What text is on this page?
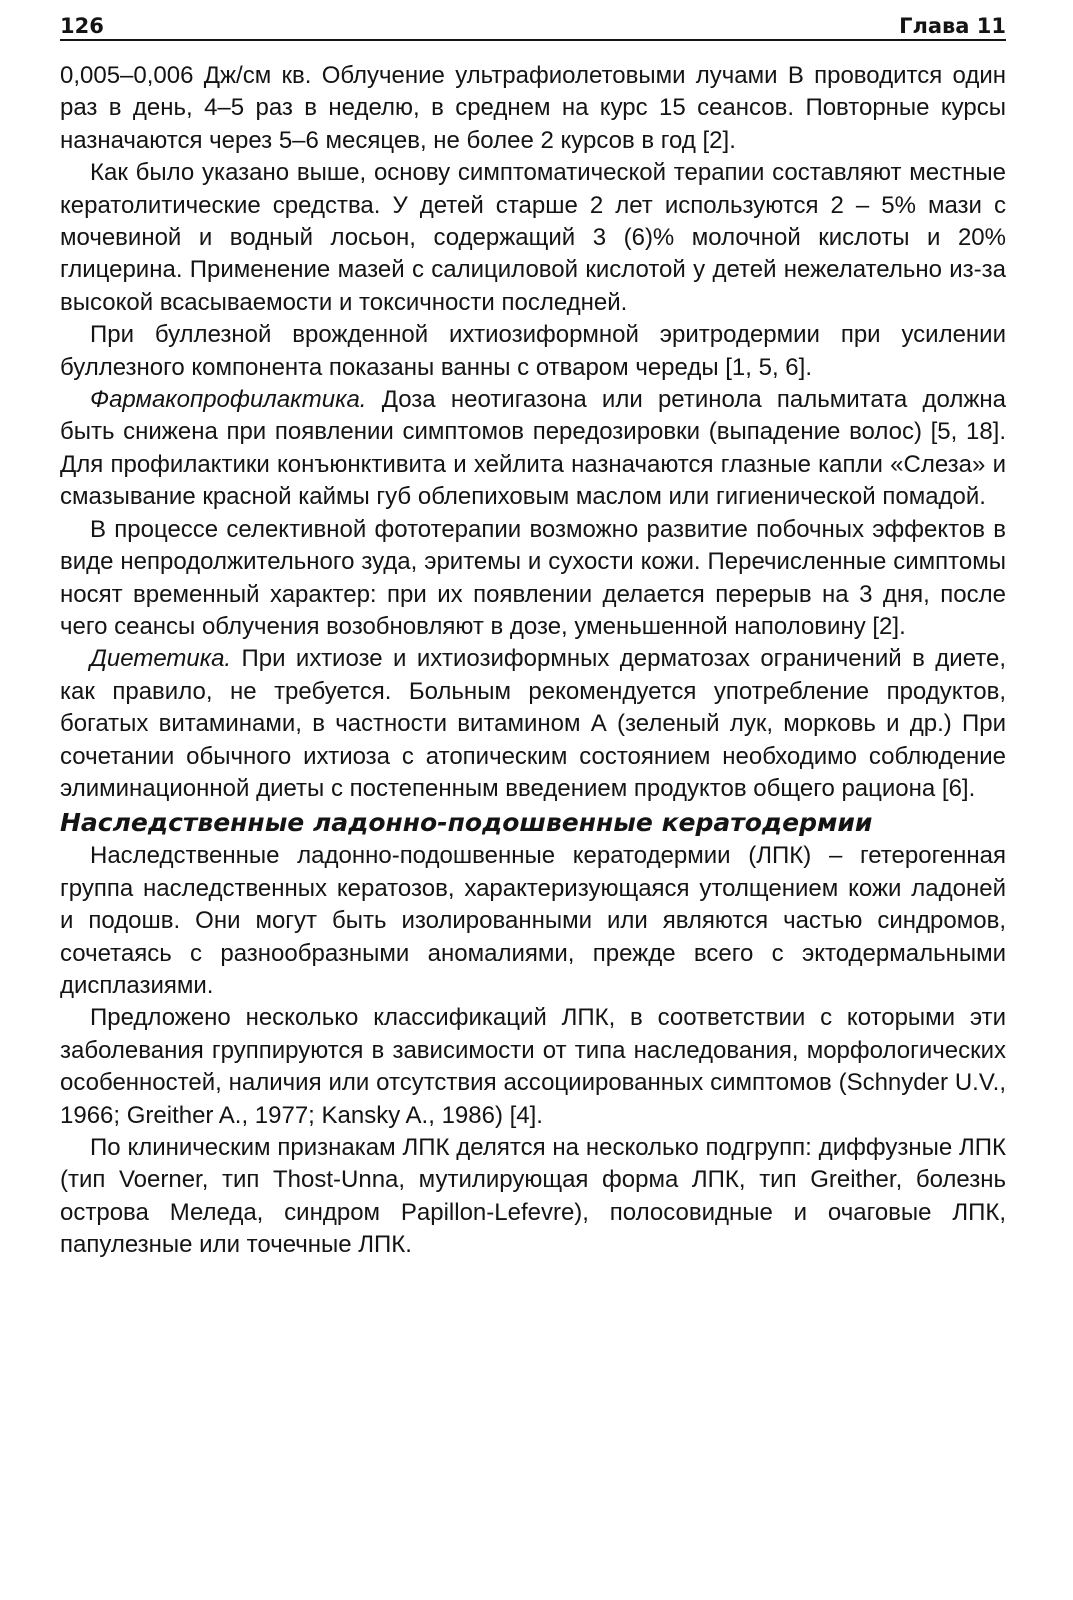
126	Глава 11

0,005–0,006 Дж/см кв. Облучение ультрафиолетовыми лучами В проводится один раз в день, 4–5 раз в неделю, в среднем на курс 15 сеансов. Повторные курсы назначаются через 5–6 месяцев, не более 2 курсов в год [2].

Как было указано выше, основу симптоматической терапии составляют местные кератолитические средства. У детей старше 2 лет используются 2 – 5% мази с мочевиной и водный лосьон, содержащий 3 (6)% молочной кислоты и 20% глицерина. Применение мазей с салициловой кислотой у детей нежелательно из-за высокой всасываемости и токсичности последней.

При буллезной врожденной ихтиозиформной эритродермии при усилении буллезного компонента показаны ванны с отваром череды [1, 5, 6].

Фармакопрофилактика. Доза неотигазона или ретинола пальмитата должна быть снижена при появлении симптомов передозировки (выпадение волос) [5, 18]. Для профилактики конъюнктивита и хейлита назначаются глазные капли «Слеза» и смазывание красной каймы губ облепиховым маслом или гигиенической помадой.

В процессе селективной фототерапии возможно развитие побочных эффектов в виде непродолжительного зуда, эритемы и сухости кожи. Перечисленные симптомы носят временный характер: при их появлении делается перерыв на 3 дня, после чего сеансы облучения возобновляют в дозе, уменьшенной наполовину [2].

Диететика. При ихтиозе и ихтиозиформных дерматозах ограничений в диете, как правило, не требуется. Больным рекомендуется употребление продуктов, богатых витаминами, в частности витамином А (зеленый лук, морковь и др.) При сочетании обычного ихтиоза с атопическим состоянием необходимо соблюдение элиминационной диеты с постепенным введением продуктов общего рациона [6].

Наследственные ладонно-подошвенные кератодермии

Наследственные ладонно-подошвенные кератодермии (ЛПК) – гетерогенная группа наследственных кератозов, характеризующаяся утолщением кожи ладоней и подошв. Они могут быть изолированными или являются частью синдромов, сочетаясь с разнообразными аномалиями, прежде всего с эктодермальными дисплазиями.

Предложено несколько классификаций ЛПК, в соответствии с которыми эти заболевания группируются в зависимости от типа наследования, морфологических особенностей, наличия или отсутствия ассоциированных симптомов (Schnyder U.V., 1966; Greither A., 1977; Kansky A., 1986) [4].

По клиническим признакам ЛПК делятся на несколько подгрупп: диффузные ЛПК (тип Voerner, тип Thost-Unna, мутилирующая форма ЛПК, тип Greither, болезнь острова Меледа, синдром Papillon-Lefevre), полосовидные и очаговые ЛПК, папулезные или точечные ЛПК.
